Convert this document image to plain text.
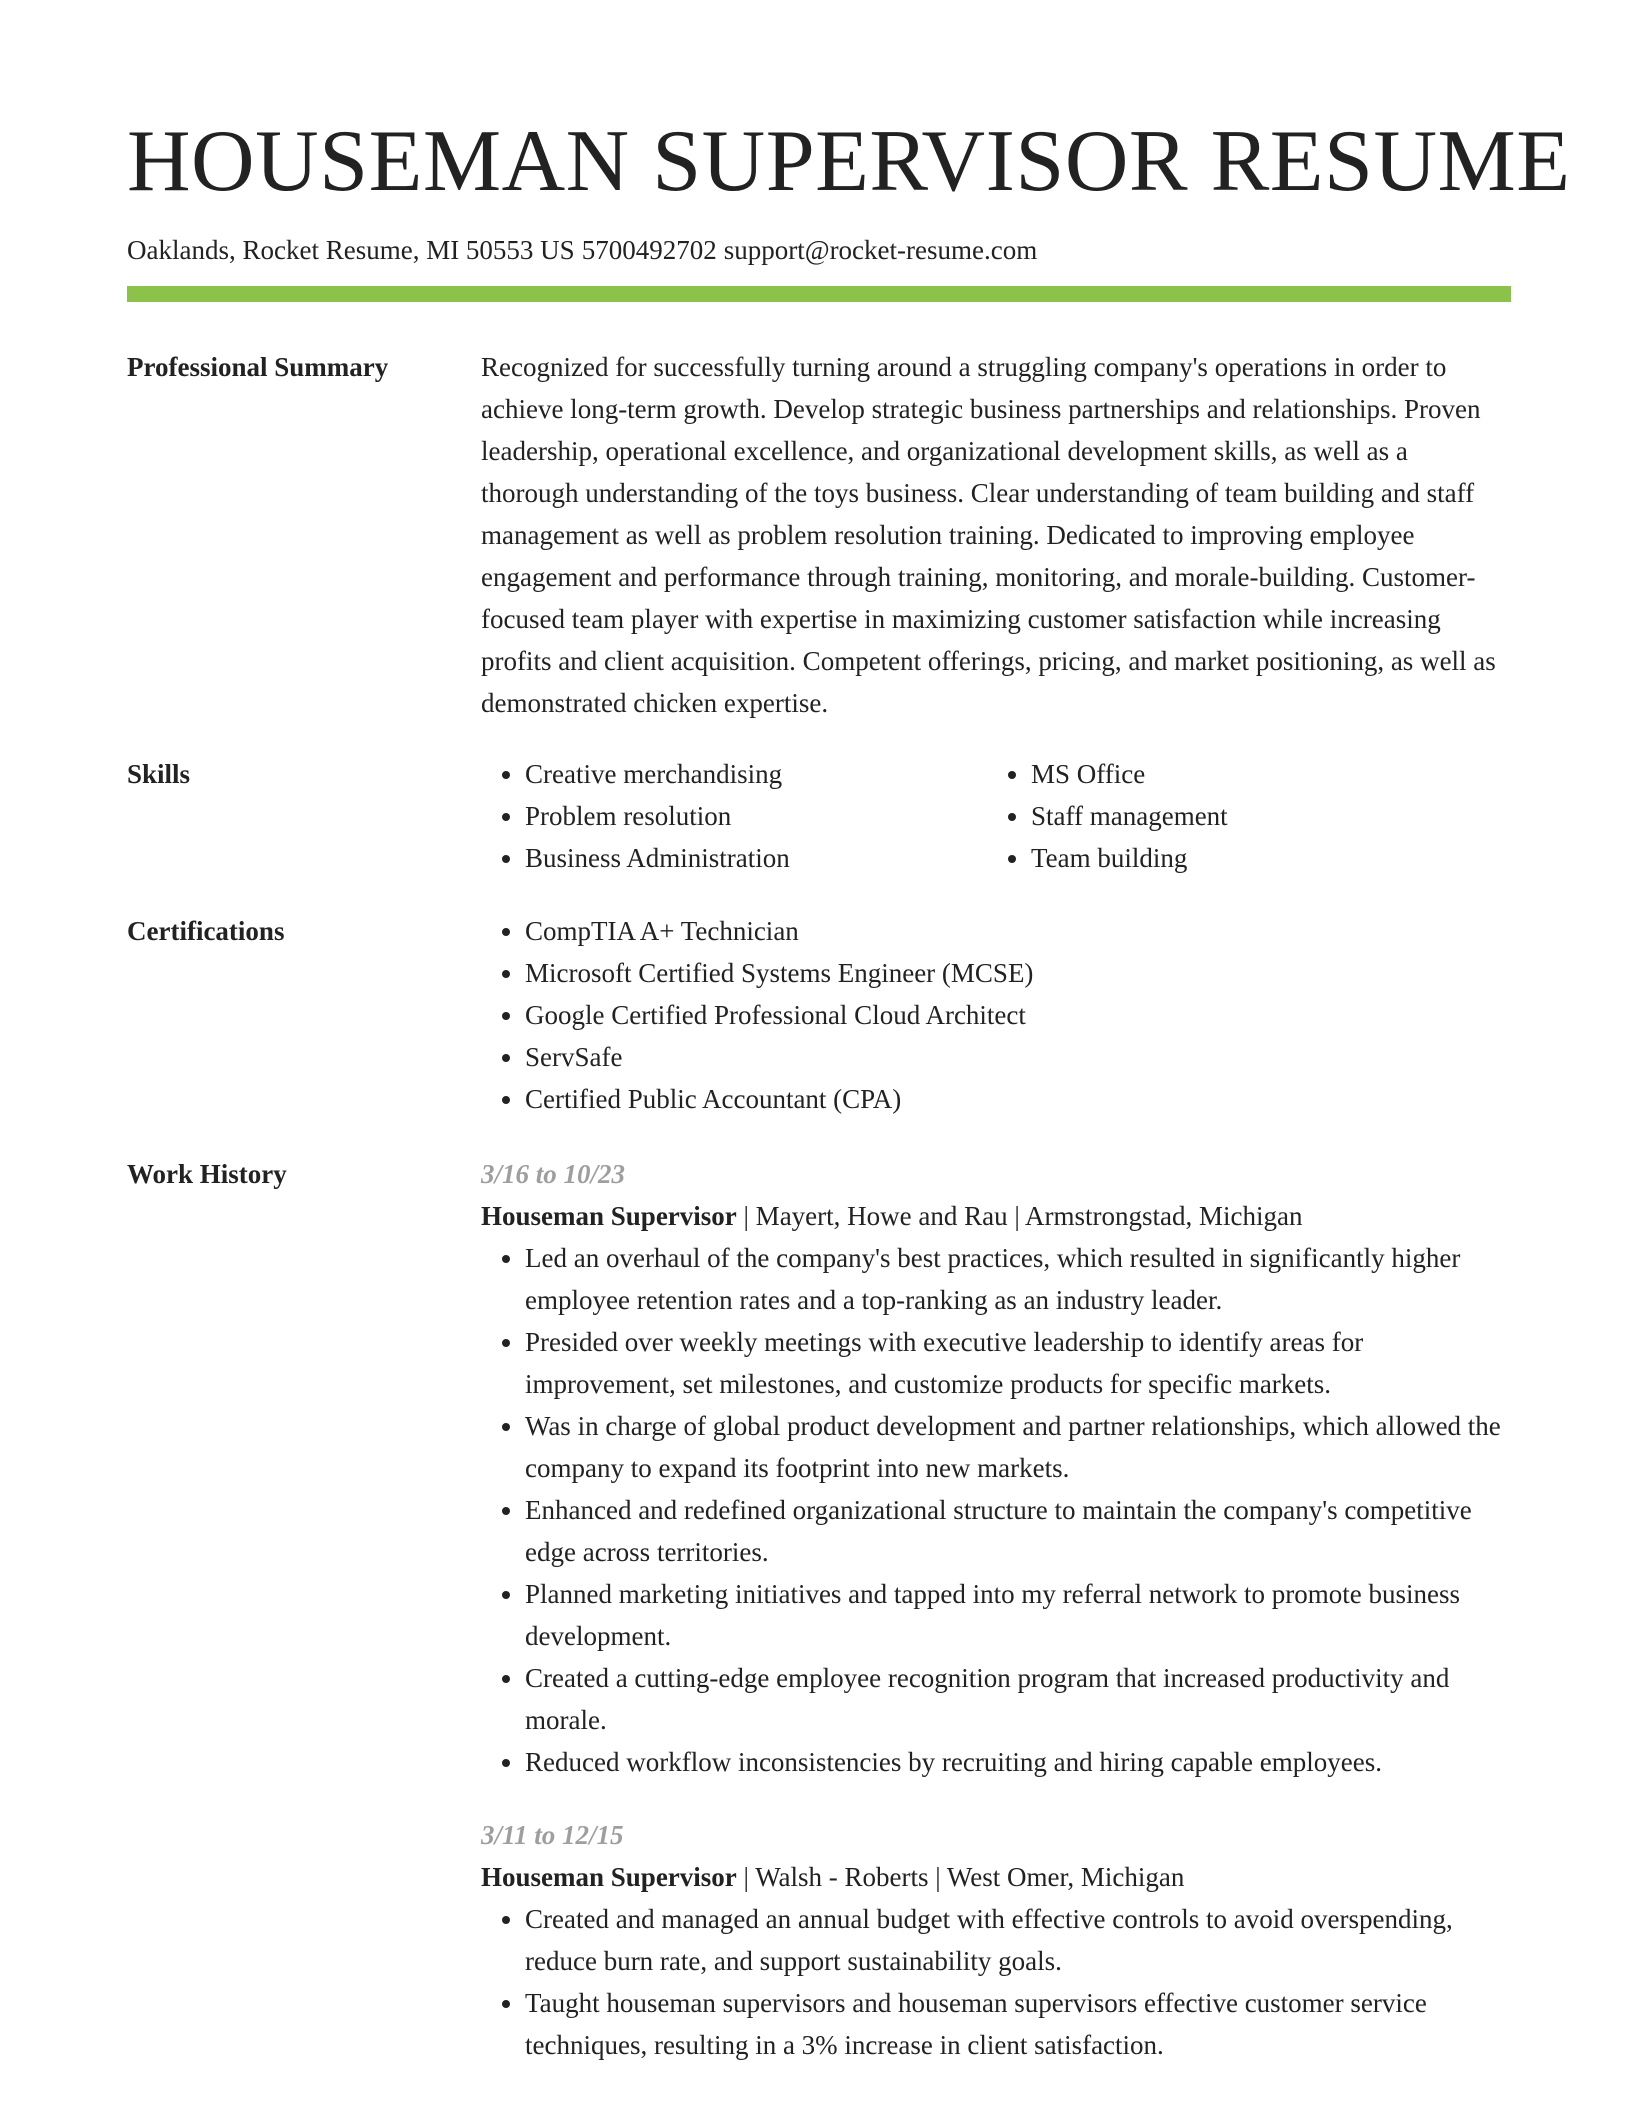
HOUSEMAN SUPERVISOR RESUME
Oaklands, Rocket Resume, MI 50553 US 5700492702 support@rocket-resume.com
Professional Summary	Recognized for successfully turning around a struggling company's operations in order to achieve long-term growth. Develop strategic business partnerships and relationships. Proven leadership, operational excellence, and organizational development skills, as well as a thorough understanding of the toys business. Clear understanding of team building and staff management as well as problem resolution training. Dedicated to improving employee engagement and performance through training, monitoring, and morale-building. Customer-focused team player with expertise in maximizing customer satisfaction while increasing profits and client acquisition. Competent offerings, pricing, and market positioning, as well as demonstrated chicken expertise.

Skills	• Creative merchandising
• Problem resolution
• Business Administration
• MS Office
• Staff management
• Team building
Certifications	• CompTIA A+ Technician
• Microsoft Certified Systems Engineer (MCSE)
• Google Certified Professional Cloud Architect
• ServSafe
• Certified Public Accountant (CPA)
Work History	3/16 to 10/23
Houseman Supervisor | Mayert, Howe and Rau | Armstrongstad, Michigan
• Led an overhaul of the company's best practices, which resulted in significantly higher employee retention rates and a top-ranking as an industry leader.
• Presided over weekly meetings with executive leadership to identify areas for improvement, set milestones, and customize products for specific markets.
• Was in charge of global product development and partner relationships, which allowed the company to expand its footprint into new markets.
• Enhanced and redefined organizational structure to maintain the company's competitive edge across territories.
• Planned marketing initiatives and tapped into my referral network to promote business development.
• Created a cutting-edge employee recognition program that increased productivity and morale.
• Reduced workflow inconsistencies by recruiting and hiring capable employees.
3/11 to 12/15
Houseman Supervisor | Walsh - Roberts | West Omer, Michigan
• Created and managed an annual budget with effective controls to avoid overspending, reduce burn rate, and support sustainability goals.
• Taught houseman supervisors and houseman supervisors effective customer service techniques, resulting in a 3% increase in client satisfaction.
